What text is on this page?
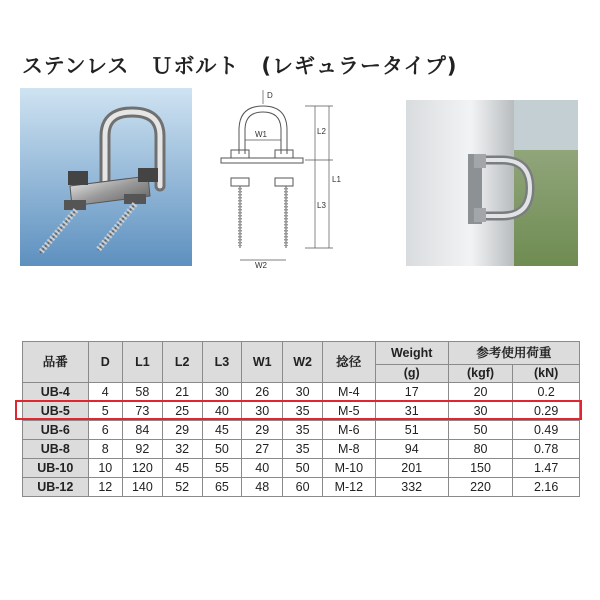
ステンレス　Ｕボルト　(レギュラータイプ)
D
W1
W2
L2
L3
L1
品番	D	L1	L2	L3	W1	W2	捻径	Weight	参考使用荷重	
								(g)	(kgf)	(kN)
UB-4	4	58	21	30	26	30	M-4	17	20	0.2
UB-5	5	73	25	40	30	35	M-5	31	30	0.29
UB-6	6	84	29	45	29	35	M-6	51	50	0.49
UB-8	8	92	32	50	27	35	M-8	94	80	0.78
UB-10	10	120	45	55	40	50	M-10	201	150	1.47
UB-12	12	140	52	65	48	60	M-12	332	220	2.16
